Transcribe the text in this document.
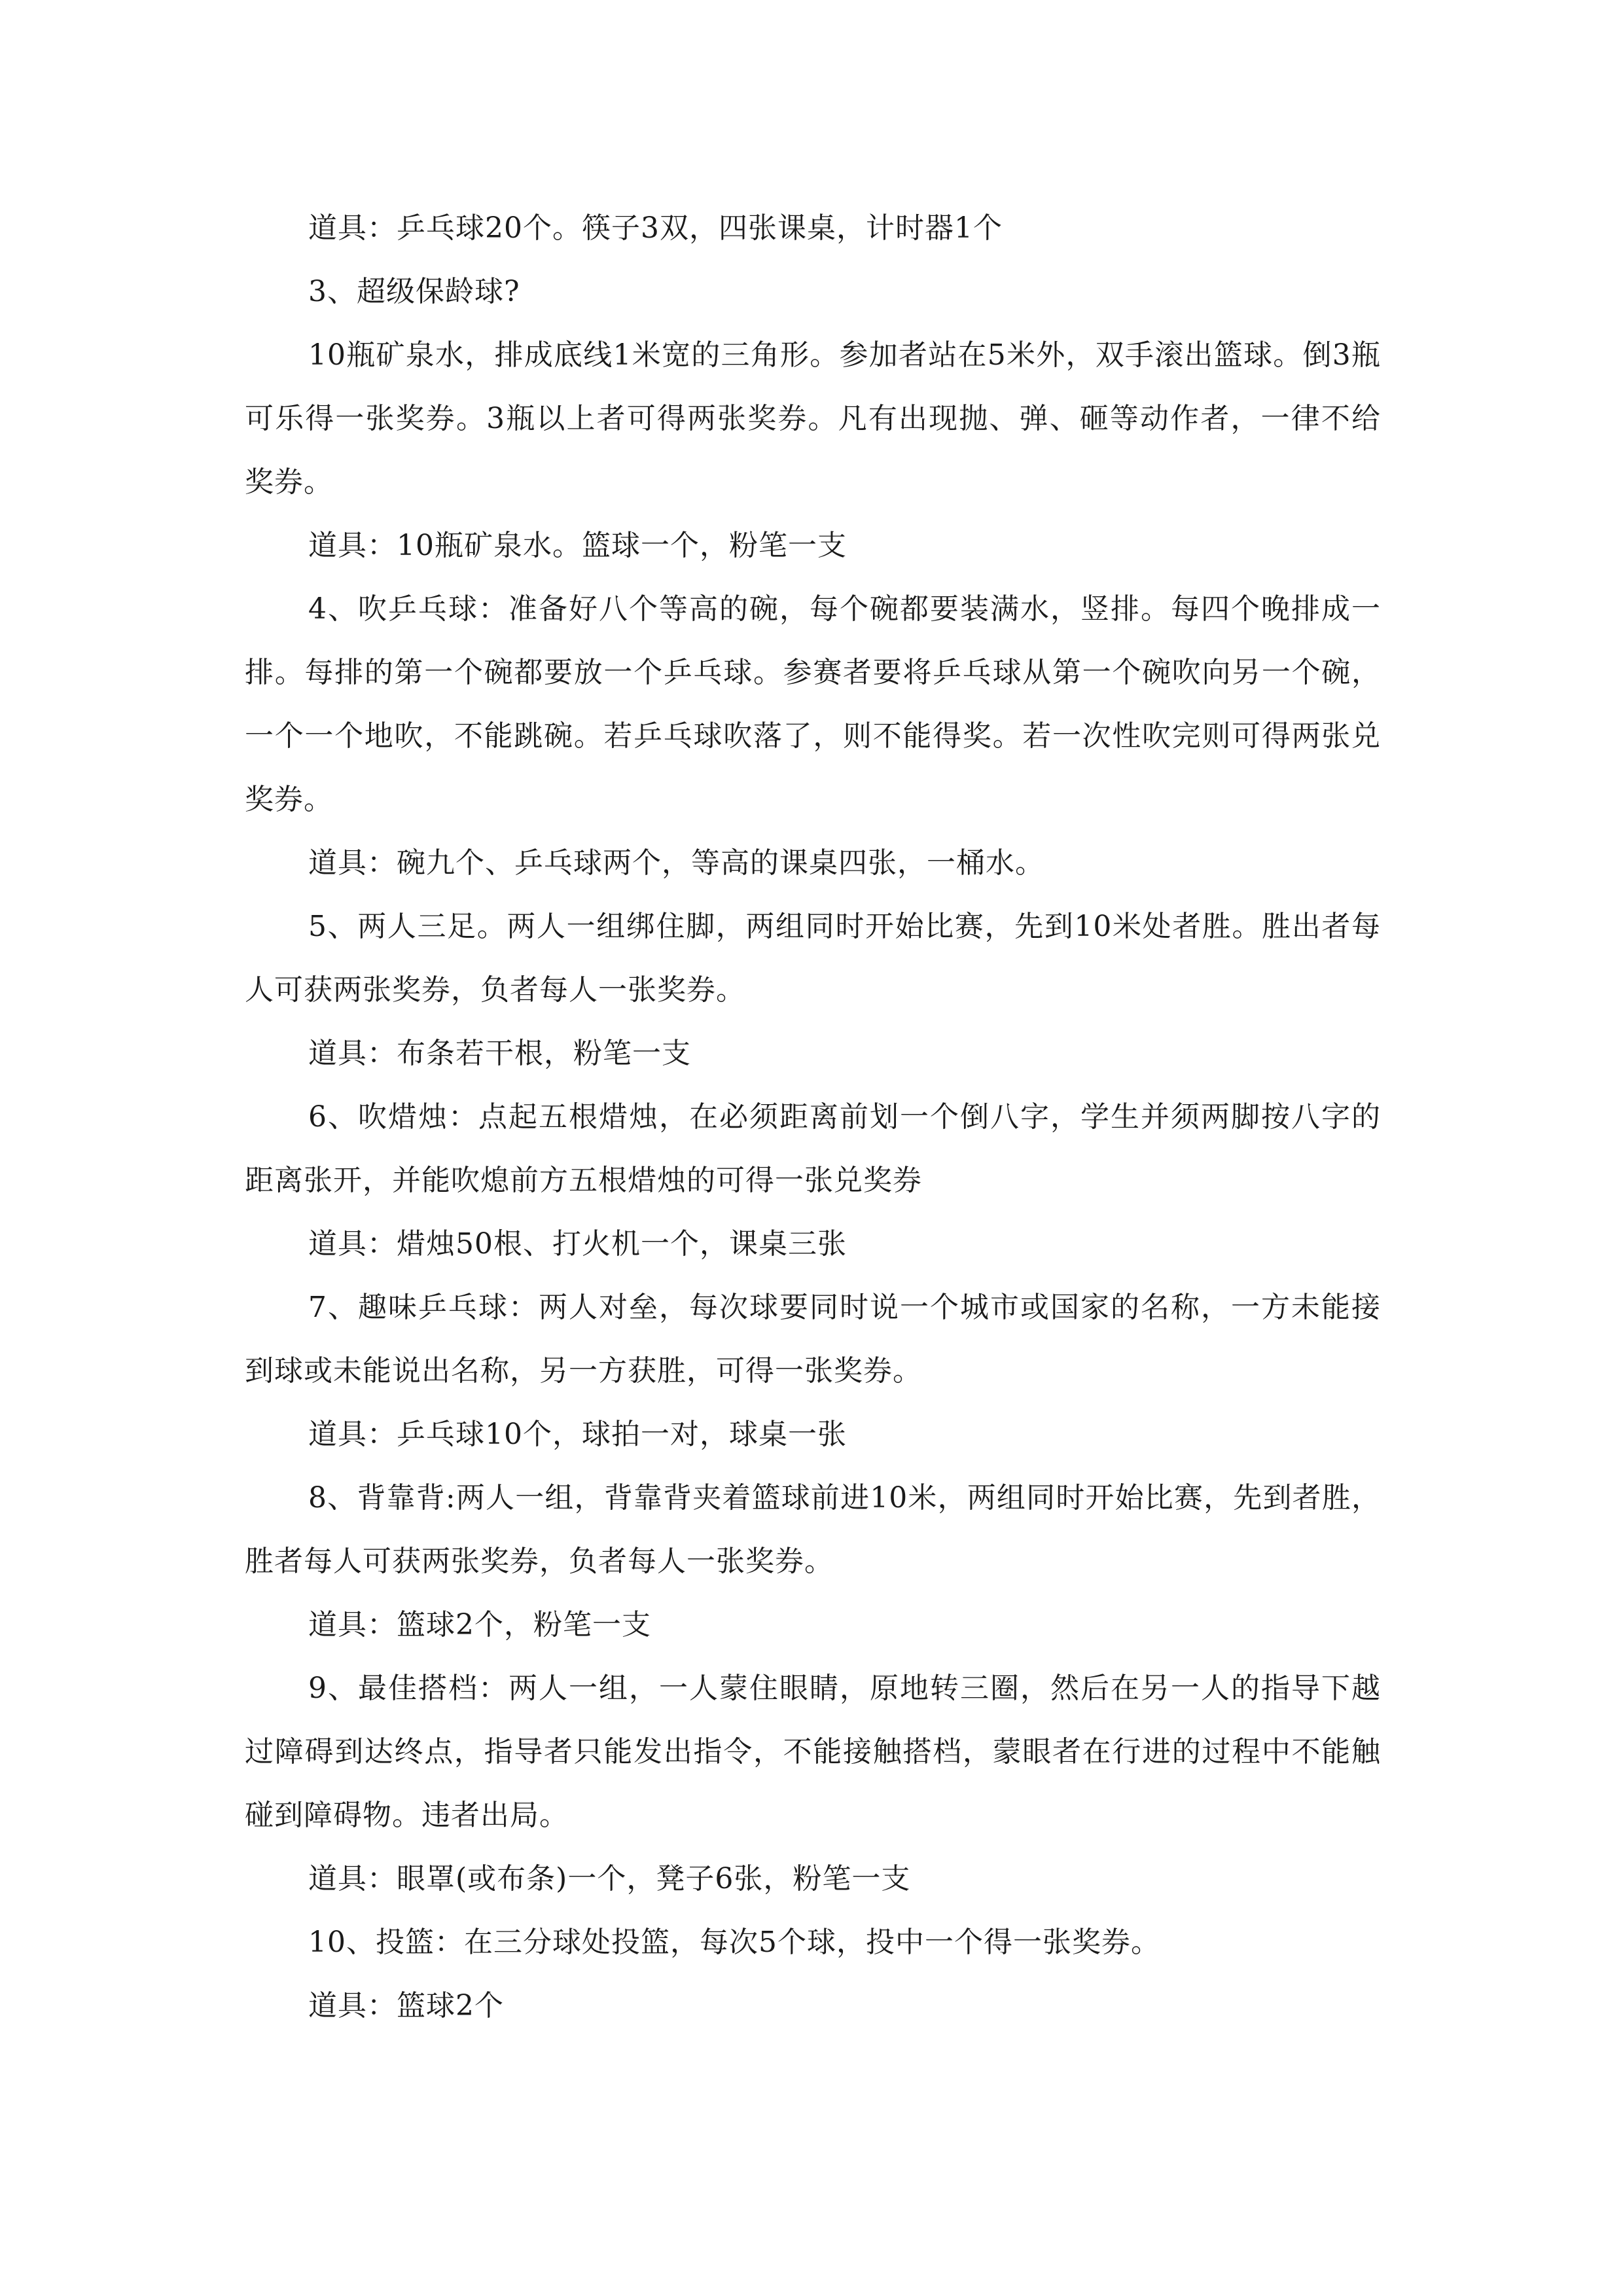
道具：乒乓球20个。筷子3双，四张课桌，计时器1个

3、超级保龄球?

10瓶矿泉水，排成底线1米宽的三角形。参加者站在5米外，双手滚出篮球。倒3瓶可乐得一张奖券。3瓶以上者可得两张奖券。凡有出现抛、弹、砸等动作者，一律不给奖券。

道具：10瓶矿泉水。篮球一个，粉笔一支

4、吹乒乓球：准备好八个等高的碗，每个碗都要装满水，竖排。每四个晚排成一排。每排的第一个碗都要放一个乒乓球。参赛者要将乒乓球从第一个碗吹向另一个碗，一个一个地吹，不能跳碗。若乒乓球吹落了，则不能得奖。若一次性吹完则可得两张兑奖券。

道具：碗九个、乒乓球两个，等高的课桌四张，一桶水。

5、两人三足。两人一组绑住脚，两组同时开始比赛，先到10米处者胜。胜出者每人可获两张奖券，负者每人一张奖券。

道具：布条若干根，粉笔一支

6、吹焟烛：点起五根焟烛，在必须距离前划一个倒八字，学生并须两脚按八字的距离张开，并能吹熄前方五根焟烛的可得一张兑奖券

道具：焟烛50根、打火机一个，课桌三张

7、趣味乒乓球：两人对垒，每次球要同时说一个城市或国家的名称，一方未能接到球或未能说出名称，另一方获胜，可得一张奖券。

道具：乒乓球10个，球拍一对，球桌一张

8、背靠背:两人一组，背靠背夹着篮球前进10米，两组同时开始比赛，先到者胜，胜者每人可获两张奖券，负者每人一张奖券。

道具：篮球2个，粉笔一支

9、最佳搭档：两人一组，一人蒙住眼睛，原地转三圈，然后在另一人的指导下越过障碍到达终点，指导者只能发出指令，不能接触搭档，蒙眼者在行进的过程中不能触碰到障碍物。违者出局。

道具：眼罩(或布条)一个，凳子6张，粉笔一支

10、投篮：在三分球处投篮，每次5个球，投中一个得一张奖券。

道具：篮球2个
